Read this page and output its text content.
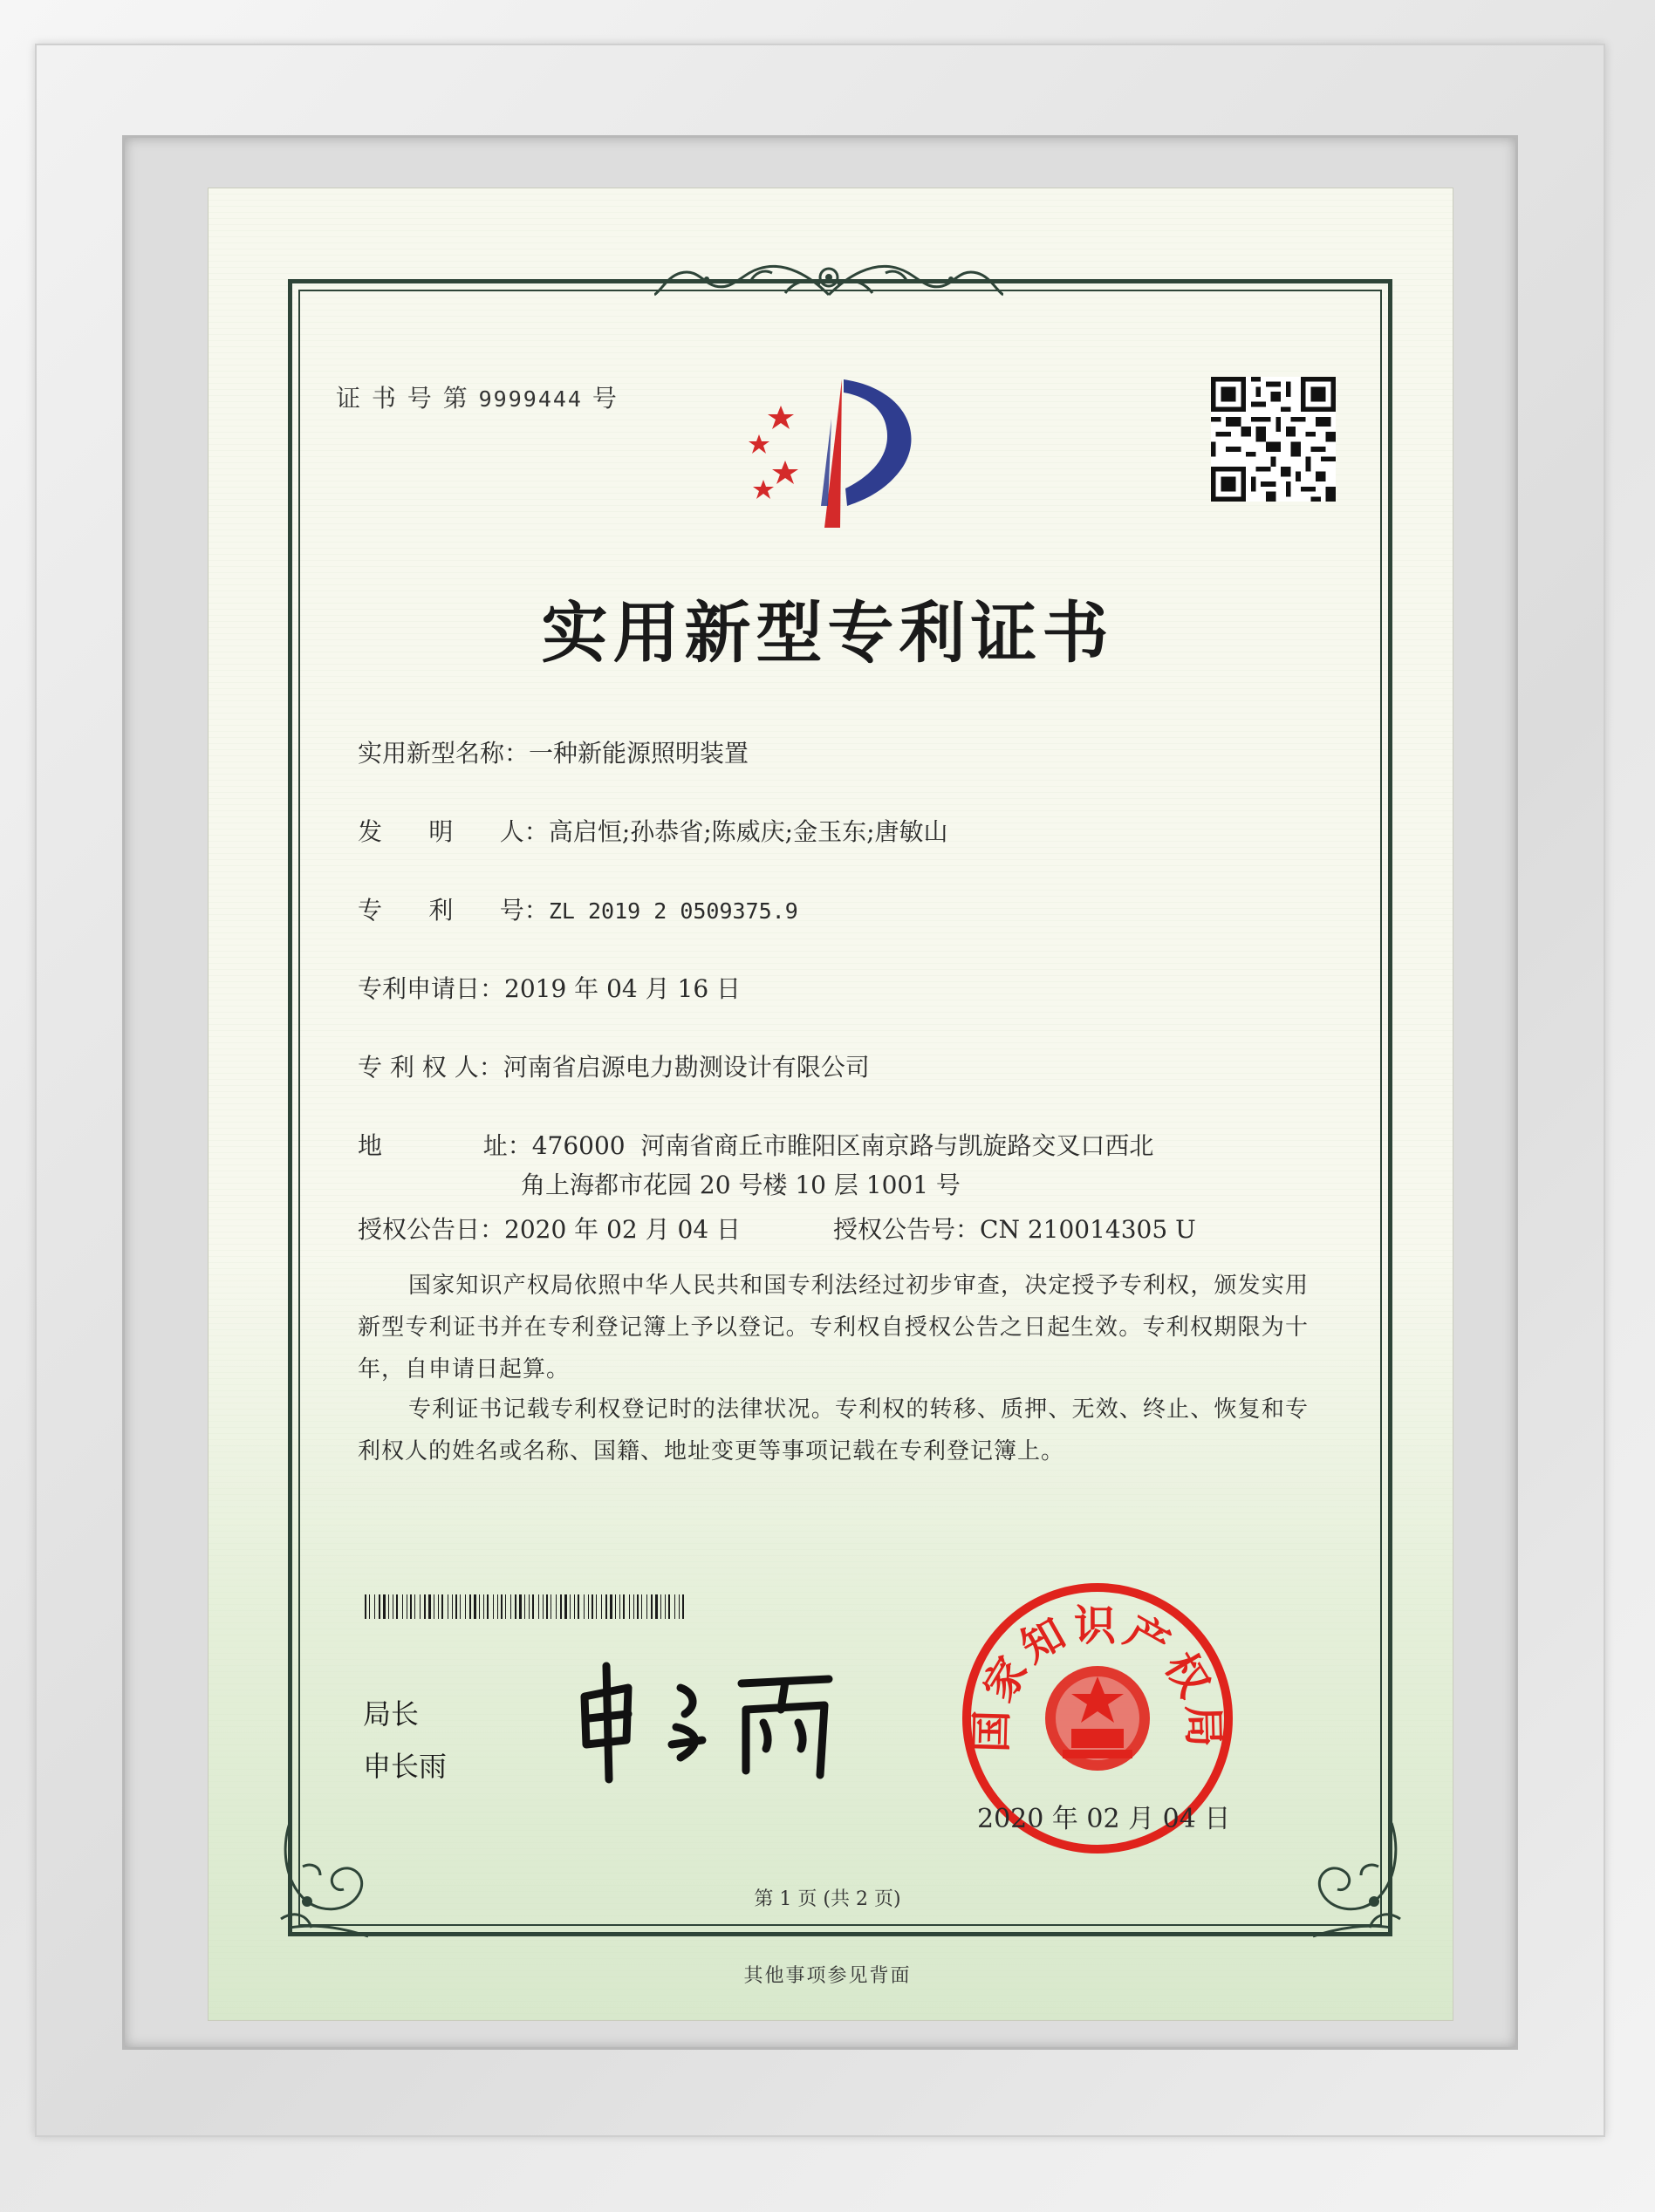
证 书 号 第 9999444 号
实用新型专利证书
实用新型名称：一种新能源照明装置
发      明      人：高启恒;孙恭省;陈威庆;金玉东;唐敏山
专      利      号：ZL 2019 2 0509375.9
专利申请日：2019 年 04 月 16 日
专 利 权 人：河南省启源电力勘测设计有限公司
地             址：476000  河南省商丘市睢阳区南京路与凯旋路交叉口西北
角上海都市花园 20 号楼 10 层 1001 号
授权公告日：2020 年 02 月 04 日	授权公告号：CN 210014305 U
国家知识产权局依照中华人民共和国专利法经过初步审查，决定授予专利权，颁发实用新型专利证书并在专利登记簿上予以登记。专利权自授权公告之日起生效。专利权期限为十年，自申请日起算。
专利证书记载专利权登记时的法律状况。专利权的转移、质押、无效、终止、恢复和专利权人的姓名或名称、国籍、地址变更等事项记载在专利登记簿上。
局长
申长雨
国家知识产权局
2020 年 02 月 04 日
第 1 页 (共 2 页)
其他事项参见背面
